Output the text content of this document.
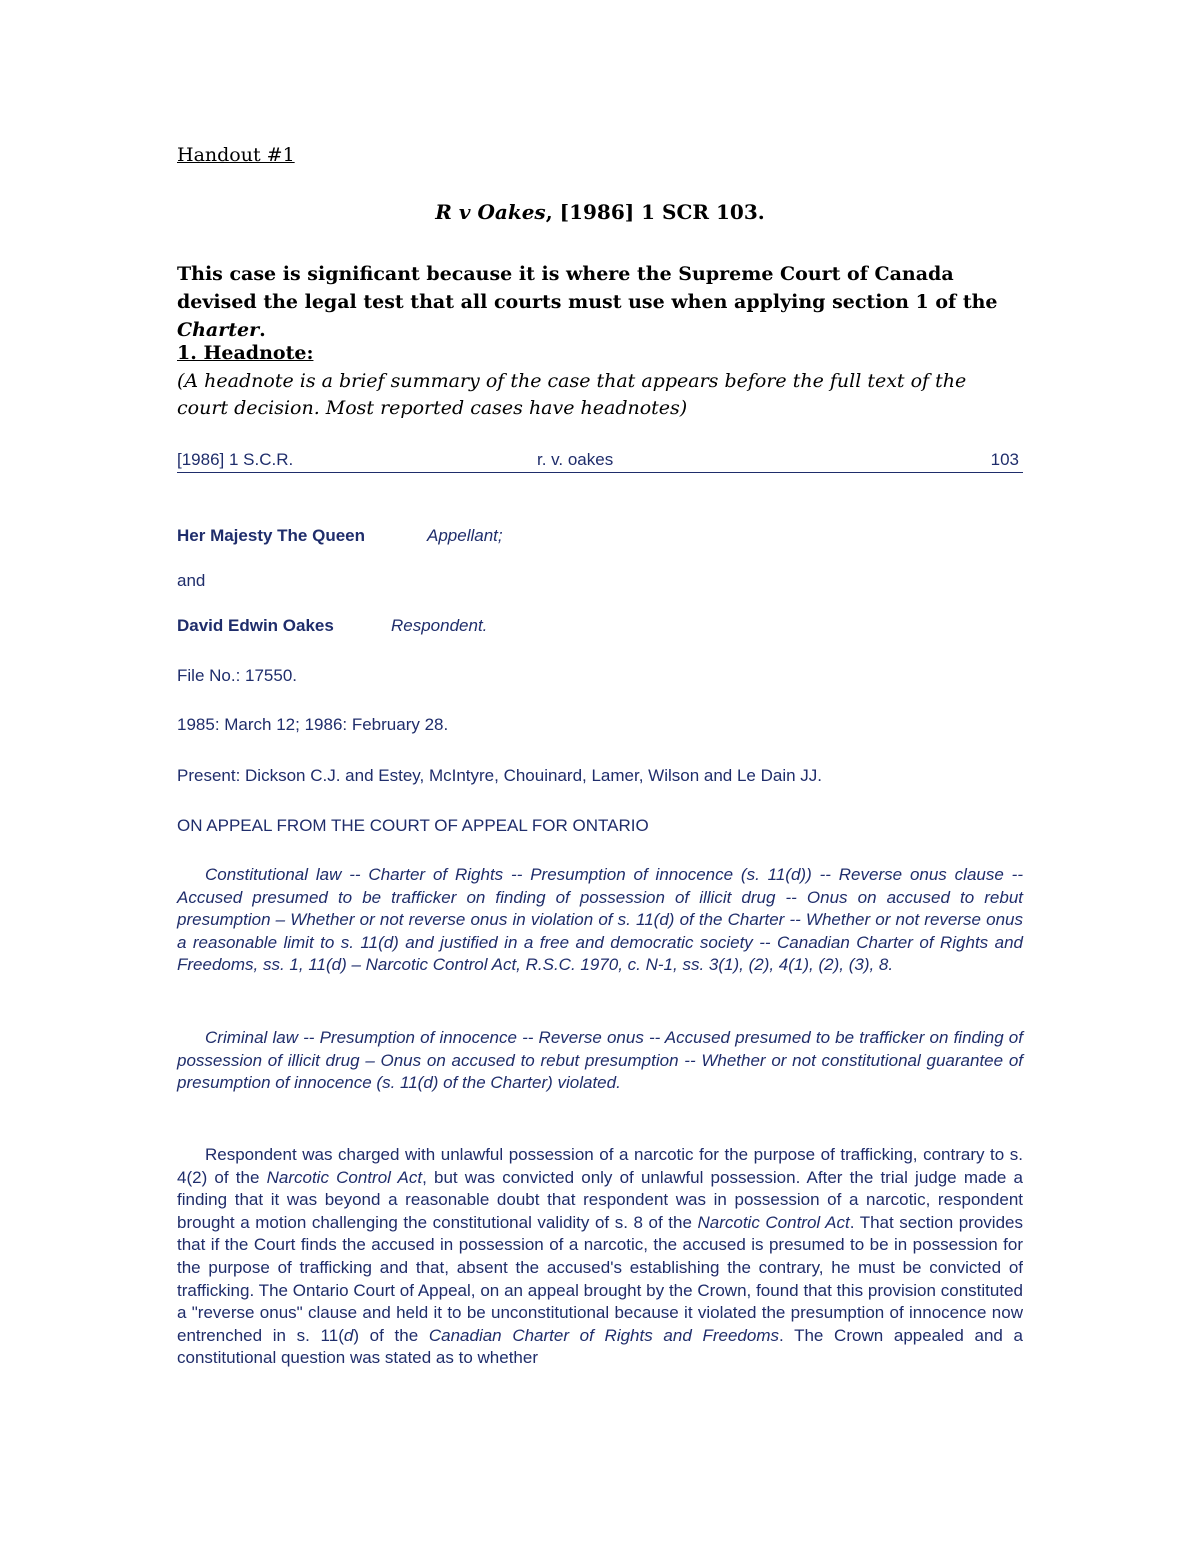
Handout #1
R v Oakes, [1986] 1 SCR 103.

This case is significant because it is where the Supreme Court of Canada devised the legal test that all courts must use when applying section 1 of the Charter.

1. Headnote:

(A headnote is a brief summary of the case that appears before the full text of the court decision. Most reported cases have headnotes)

[1986] 1 S.C.R.	r. v. oakes	103
Her Majesty The Queen	Appellant;
and
David Edwin Oakes	Respondent.
File No.: 17550.
1985: March 12; 1986: February 28.
Present: Dickson C.J. and Estey, McIntyre, Chouinard, Lamer, Wilson and Le Dain JJ.
ON APPEAL FROM THE COURT OF APPEAL FOR ONTARIO

Constitutional law -- Charter of Rights -- Presumption of innocence (s. 11(d)) -- Reverse onus clause -- Accused presumed to be trafficker on finding of possession of illicit drug -- Onus on accused to rebut presumption – Whether or not reverse onus in violation of s. 11(d) of the Charter -- Whether or not reverse onus a reasonable limit to s. 11(d) and justified in a free and democratic society -- Canadian Charter of Rights and Freedoms, ss. 1, 11(d) – Narcotic Control Act, R.S.C. 1970, c. N-1, ss. 3(1), (2), 4(1), (2), (3), 8.

Criminal law -- Presumption of innocence -- Reverse onus -- Accused presumed to be trafficker on finding of possession of illicit drug – Onus on accused to rebut presumption -- Whether or not constitutional guarantee of presumption of innocence (s. 11(d) of the Charter) violated.

Respondent was charged with unlawful possession of a narcotic for the purpose of trafficking, contrary to s. 4(2) of the Narcotic Control Act, but was convicted only of unlawful possession. After the trial judge made a finding that it was beyond a reasonable doubt that respondent was in possession of a narcotic, respondent brought a motion challenging the constitutional validity of s. 8 of the Narcotic Control Act. That section provides that if the Court finds the accused in possession of a narcotic, the accused is presumed to be in possession for the purpose of trafficking and that, absent the accused's establishing the contrary, he must be convicted of trafficking. The Ontario Court of Appeal, on an appeal brought by the Crown, found that this provision constituted a "reverse onus" clause and held it to be unconstitutional because it violated the presumption of innocence now entrenched in s. 11(d) of the Canadian Charter of Rights and Freedoms. The Crown appealed and a constitutional question was stated as to whether
